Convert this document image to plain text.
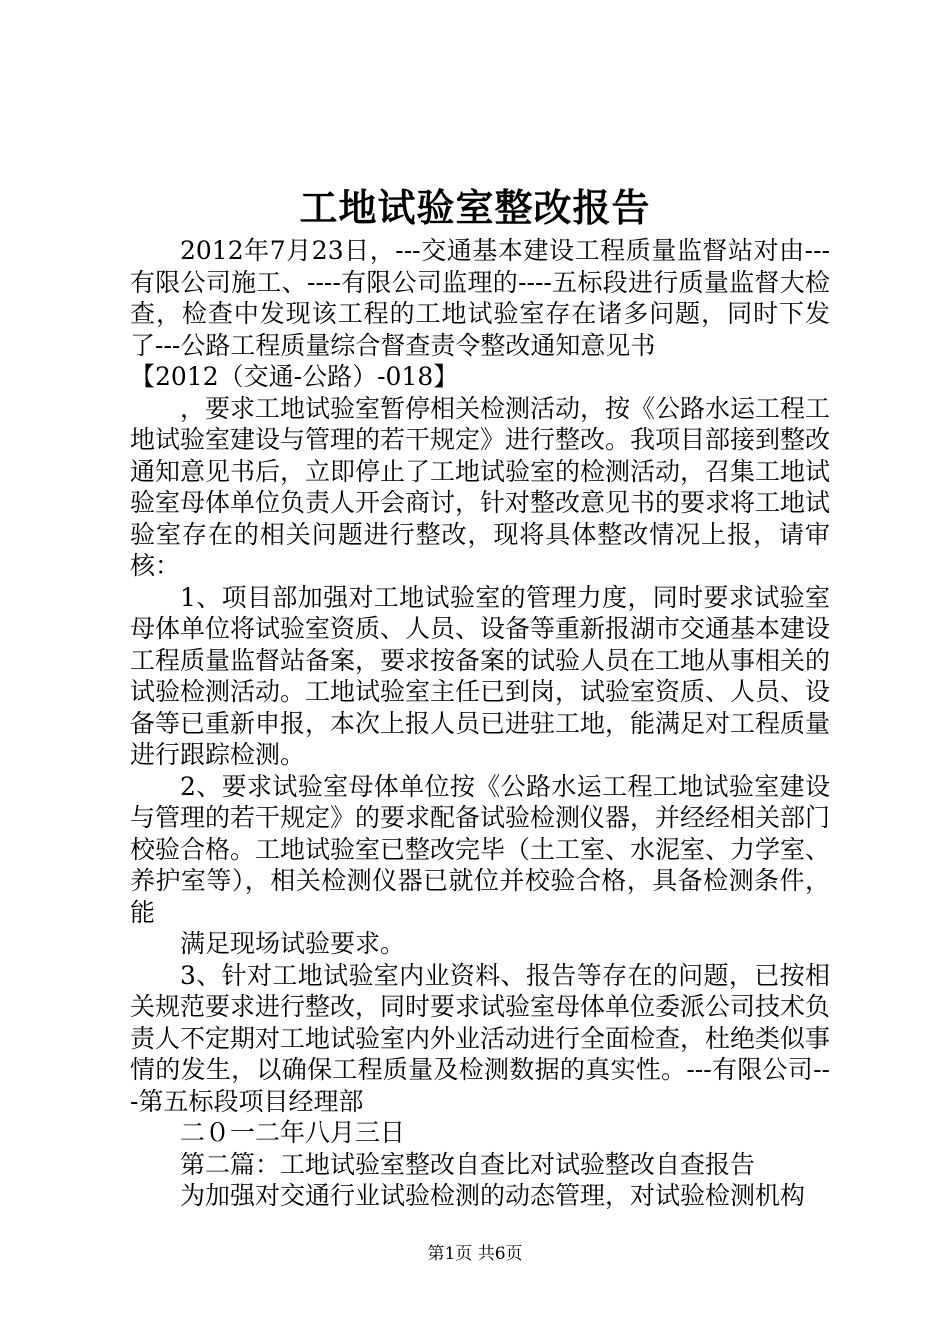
工地试验室整改报告

2012年7月23日，---交通基本建设工程质量监督站对由---有限公司施工、----有限公司监理的----五标段进行质量监督大检查，检查中发现该工程的工地试验室存在诸多问题，同时下发了---公路工程质量综合督查责令整改通知意见书

【2012（交通-公路）-018】

，要求工地试验室暂停相关检测活动，按《公路水运工程工地试验室建设与管理的若干规定》进行整改。我项目部接到整改通知意见书后，立即停止了工地试验室的检测活动，召集工地试验室母体单位负责人开会商讨，针对整改意见书的要求将工地试验室存在的相关问题进行整改，现将具体整改情况上报，请审核：

1、项目部加强对工地试验室的管理力度，同时要求试验室母体单位将试验室资质、人员、设备等重新报湖市交通基本建设工程质量监督站备案，要求按备案的试验人员在工地从事相关的试验检测活动。工地试验室主任已到岗，试验室资质、人员、设备等已重新申报，本次上报人员已进驻工地，能满足对工程质量进行跟踪检测。

2、要求试验室母体单位按《公路水运工程工地试验室建设与管理的若干规定》的要求配备试验检测仪器，并经经相关部门校验合格。工地试验室已整改完毕（土工室、水泥室、力学室、养护室等），相关检测仪器已就位并校验合格，具备检测条件，能

满足现场试验要求。

3、针对工地试验室内业资料、报告等存在的问题，已按相关规范要求进行整改，同时要求试验室母体单位委派公司技术负责人不定期对工地试验室内外业活动进行全面检查，杜绝类似事情的发生，以确保工程质量及检测数据的真实性。---有限公司---第五标段项目经理部

二０一二年八月三日

第二篇：工地试验室整改自查比对试验整改自查报告

为加强对交通行业试验检测的动态管理，对试验检测机构

第1页 共6页
